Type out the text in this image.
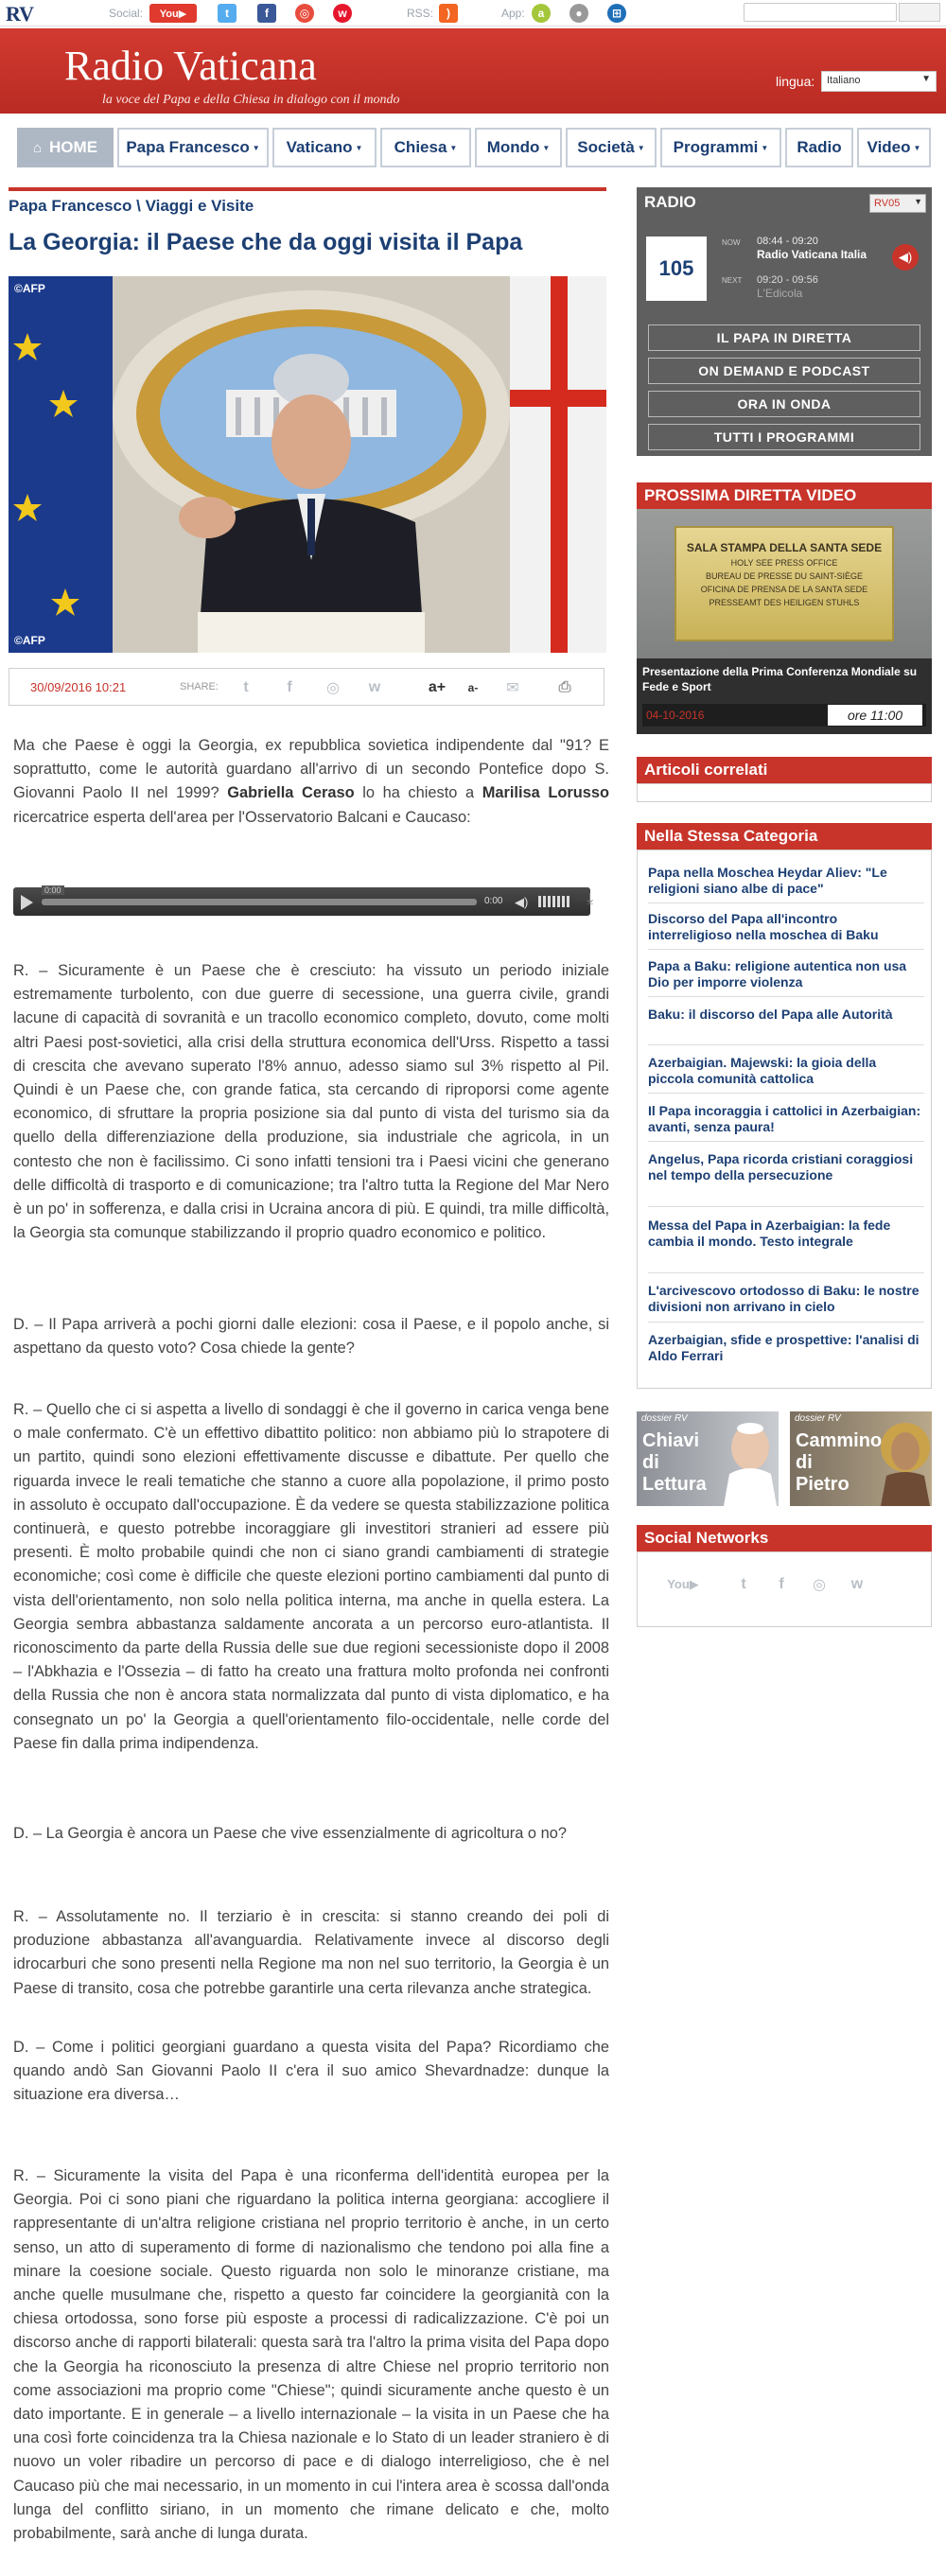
RV	Social:	You▶	t	f	◎	w	RSS:	)	App:	a	●	⊞
Radio Vaticana
la voce del Papa e della Chiesa in dialogo con il mondo
lingua:	Italiano	▼
⌂ HOME Papa Francesco ▼ Vaticano ▼ Chiesa ▼ Mondo ▼ Società ▼ Programmi ▼ Radio Video ▼
Papa Francesco \ Viaggi e Visite
La Georgia: il Paese che da oggi visita il Papa
©AFP
©AFP
30/09/2016 10:21	SHARE:	t	f	◎	w	a+	a-	✉	⎙

Ma che Paese è oggi la Georgia, ex repubblica sovietica indipendente dal "91? E soprattutto, come le autorità guardano all'arrivo di un secondo Pontefice dopo S. Giovanni Paolo II nel 1999? Gabriella Ceraso lo ha chiesto a Marilisa Lorusso ricercatrice esperta dell'area per l'Osservatorio Balcani e Caucaso:

0:00
0:00 ◀)	⤓

R. – Sicuramente è un Paese che è cresciuto: ha vissuto un periodo iniziale estremamente turbolento, con due guerre di secessione, una guerra civile, grandi lacune di capacità di sovranità e un tracollo economico completo, dovuto, come molti altri Paesi post-sovietici, alla crisi della struttura economica dell'Urss. Rispetto a tassi di crescita che avevano superato l'8% annuo, adesso siamo sul 3% rispetto al Pil. Quindi è un Paese che, con grande fatica, sta cercando di riproporsi come agente economico, di sfruttare la propria posizione sia dal punto di vista del turismo sia da quello della differenziazione della produzione, sia industriale che agricola, in un contesto che non è facilissimo. Ci sono infatti tensioni tra i Paesi vicini che generano delle difficoltà di trasporto e di comunicazione; tra l'altro tutta la Regione del Mar Nero è un po' in sofferenza, e dalla crisi in Ucraina ancora di più. E quindi, tra mille difficoltà, la Georgia sta comunque stabilizzando il proprio quadro economico e politico.

D. – Il Papa arriverà a pochi giorni dalle elezioni: cosa il Paese, e il popolo anche, si aspettano da questo voto? Cosa chiede la gente?

R. – Quello che ci si aspetta a livello di sondaggi è che il governo in carica venga bene o male confermato. C'è un effettivo dibattito politico: non abbiamo più lo strapotere di un partito, quindi sono elezioni effettivamente discusse e dibattute. Per quello che riguarda invece le reali tematiche che stanno a cuore alla popolazione, il primo posto in assoluto è occupato dall'occupazione. È da vedere se questa stabilizzazione politica continuerà, e questo potrebbe incoraggiare gli investitori stranieri ad essere più presenti. È molto probabile quindi che non ci siano grandi cambiamenti di strategie economiche; così come è difficile che queste elezioni portino cambiamenti dal punto di vista dell'orientamento, non solo nella politica interna, ma anche in quella estera. La Georgia sembra abbastanza saldamente ancorata a un percorso euro-atlantista. Il riconoscimento da parte della Russia delle sue due regioni secessioniste dopo il 2008 – l'Abkhazia e l'Ossezia – di fatto ha creato una frattura molto profonda nei confronti della Russia che non è ancora stata normalizzata dal punto di vista diplomatico, e ha consegnato un po' la Georgia a quell'orientamento filo-occidentale, nelle corde del Paese fin dalla prima indipendenza.

D. – La Georgia è ancora un Paese che vive essenzialmente di agricoltura o no?

R. – Assolutamente no. Il terziario è in crescita: si stanno creando dei poli di produzione abbastanza all'avanguardia. Relativamente invece al discorso degli idrocarburi che sono presenti nella Regione ma non nel suo territorio, la Georgia è un Paese di transito, cosa che potrebbe garantirle una certa rilevanza anche strategica.

D. – Come i politici georgiani guardano a questa visita del Papa? Ricordiamo che quando andò San Giovanni Paolo II c'era il suo amico Shevardnadze: dunque la situazione era diversa…

R. – Sicuramente la visita del Papa è una riconferma dell'identità europea per la Georgia. Poi ci sono piani che riguardano la politica interna georgiana: accogliere il rappresentante di un'altra religione cristiana nel proprio territorio è anche, in un certo senso, un atto di superamento di forme di nazionalismo che tendono poi alla fine a minare la coesione sociale. Questo riguarda non solo le minoranze cristiane, ma anche quelle musulmane che, rispetto a questo far coincidere la georgianità con la chiesa ortodossa, sono forse più esposte a processi di radicalizzazione. C'è poi un discorso anche di rapporti bilaterali: questa sarà tra l'altro la prima visita del Papa dopo che la Georgia ha riconosciuto la presenza di altre Chiese nel proprio territorio non come associazioni ma proprio come "Chiese"; quindi sicuramente anche questo è un dato importante. E in generale – a livello internazionale – la visita in un Paese che ha una così forte coincidenza tra la Chiesa nazionale e lo Stato di un leader straniero è di nuovo un voler ribadire un percorso di pace e di dialogo interreligioso, che è nel Caucaso più che mai necessario, in un momento in cui l'intera area è scossa dall'onda lunga del conflitto siriano, in un momento che rimane delicato e che, molto probabilmente, sarà anche di lunga durata.

RADIO	RV05 ▼
105
NOW
NEXT
08:44 - 09:20
Radio Vaticana Italia
09:20 - 09:56
L'Edicola
◀)
IL PAPA IN DIRETTA
ON DEMAND E PODCAST
ORA IN ONDA
TUTTI I PROGRAMMI
PROSSIMA DIRETTA VIDEO
SALA STAMPA DELLA SANTA SEDE
HOLY SEE PRESS OFFICE
BUREAU DE PRESSE DU SAINT-SIÈGE
OFICINA DE PRENSA DE LA SANTA SEDE
PRESSEAMT DES HEILIGEN STUHLS
Presentazione della Prima Conferenza Mondiale su Fede e Sport
04-10-2016	ore 11:00
Articoli correlati
Nella Stessa Categoria
Papa nella Moschea Heydar Aliev: "Le religioni siano albe di pace"
Discorso del Papa all'incontro interreligioso nella moschea di Baku
Papa a Baku: religione autentica non usa Dio per imporre violenza
Baku: il discorso del Papa alle Autorità
Azerbaigian. Majewski: la gioia della piccola comunità cattolica
Il Papa incoraggia i cattolici in Azerbaigian: avanti, senza paura!
Angelus, Papa ricorda cristiani coraggiosi nel tempo della persecuzione
Messa del Papa in Azerbaigian: la fede cambia il mondo. Testo integrale
L'arcivescovo ortodosso di Baku: le nostre divisioni non arrivano in cielo
Azerbaigian, sfide e prospettive: l'analisi di Aldo Ferrari
dossier RV
Chiavi
di
Lettura
dossier RV
Cammino
di
Pietro
Social Networks
You▶	t	f	◎	w
